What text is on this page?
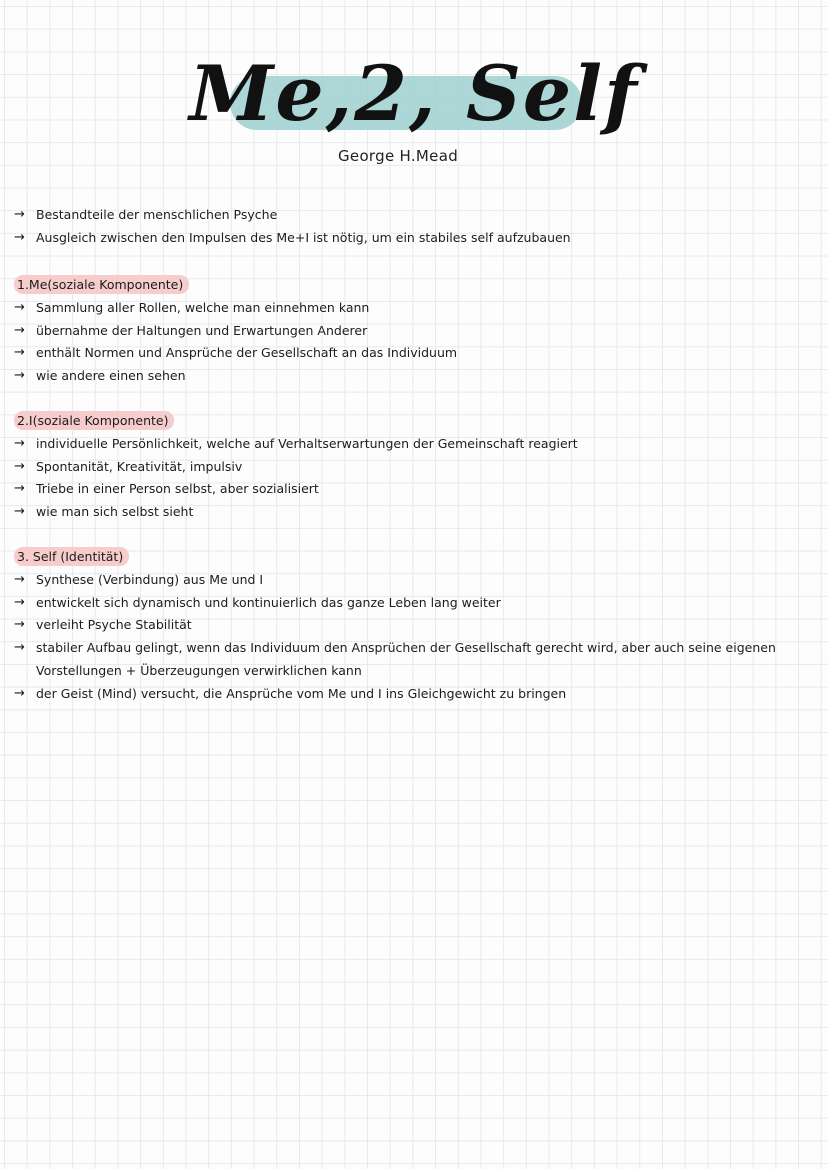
Me,2, Self
George H.Mead
→ Bestandteile der menschlichen Psyche
→ Ausgleich zwischen den Impulsen des Me+I ist nötig, um ein stabiles self aufzubauen
1.Me(soziale Komponente)
→ Sammlung aller Rollen, welche man einnehmen kann
→ übernahme der Haltungen und Erwartungen Anderer
→ enthält Normen und Ansprüche der Gesellschaft an das Individuum
→ wie andere einen sehen
2.I(soziale Komponente)
→ individuelle Persönlichkeit, welche auf Verhaltserwartungen der Gemeinschaft reagiert
→ Spontanität, Kreativität, impulsiv
→ Triebe in einer Person selbst, aber sozialisiert
→ wie man sich selbst sieht
3. Self (Identität)
→ Synthese (Verbindung) aus Me und I
→ entwickelt sich dynamisch und kontinuierlich das ganze Leben lang weiter
→ verleiht Psyche Stabilität
→ stabiler Aufbau gelingt, wenn das Individuum den Ansprüchen der Gesellschaft gerecht wird, aber auch seine eigenen Vorstellungen + Überzeugungen verwirklichen kann
→ der Geist (Mind) versucht, die Ansprüche vom Me und I ins Gleichgewicht zu bringen
